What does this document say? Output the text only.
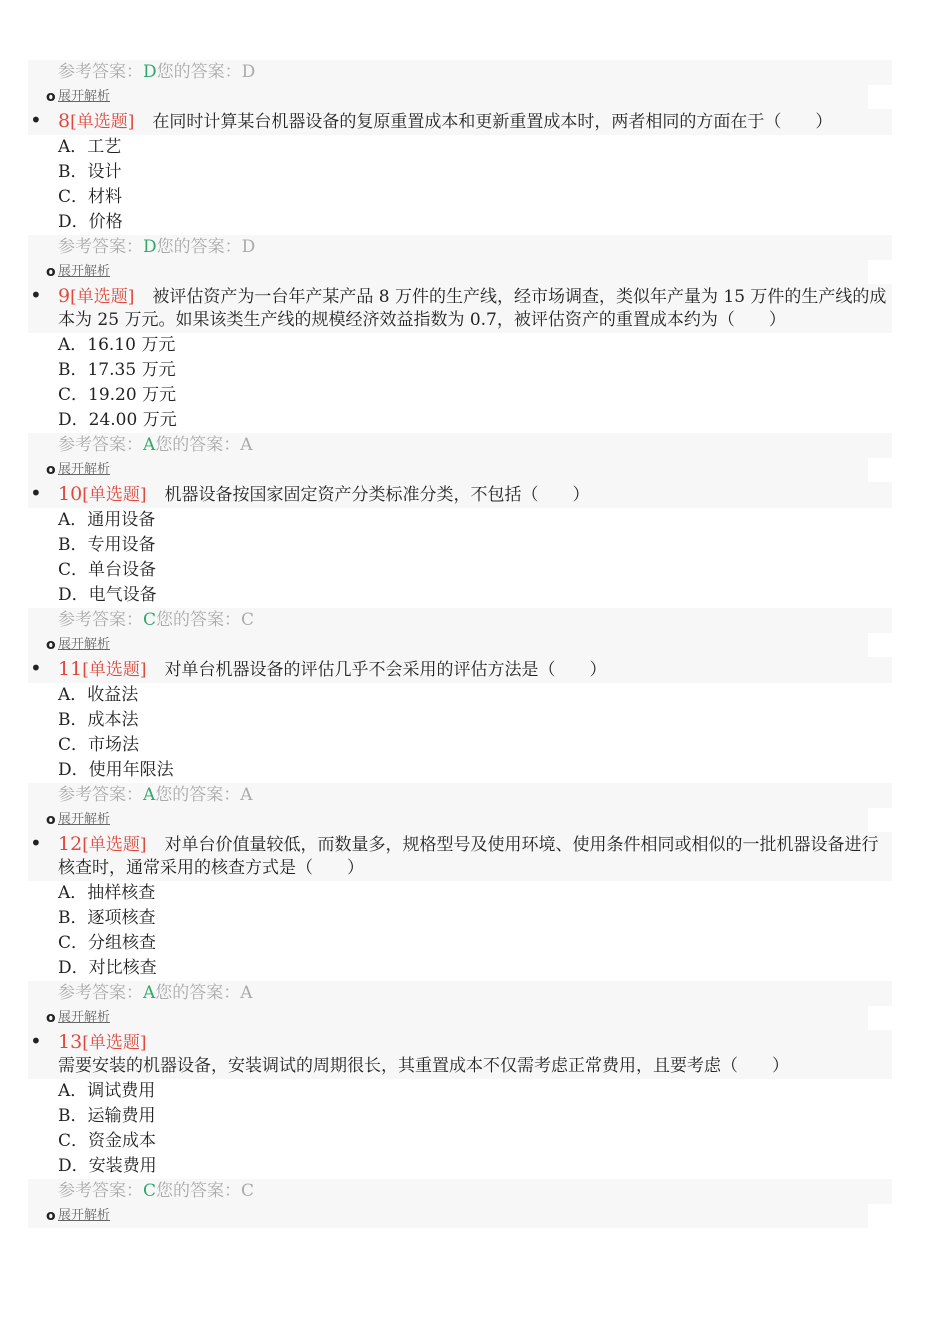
参考答案：D您的答案：D
o 展开解析
• 8[单选题] 在同时计算某台机器设备的复原重置成本和更新重置成本时，两者相同的方面在于（　　）
A．工艺
B．设计
C．材料
D．价格
参考答案：D您的答案：D
o 展开解析
• 9[单选题] 被评估资产为一台年产某产品 8 万件的生产线，经市场调查，类似年产量为 15 万件的生产线的成本为 25 万元。如果该类生产线的规模经济效益指数为 0.7，被评估资产的重置成本约为（　　）
A．16.10 万元
B．17.35 万元
C．19.20 万元
D．24.00 万元
参考答案：A您的答案：A
o 展开解析
• 10[单选题] 机器设备按国家固定资产分类标准分类，不包括（　　）
A．通用设备
B．专用设备
C．单台设备
D．电气设备
参考答案：C您的答案：C
o 展开解析
• 11[单选题] 对单台机器设备的评估几乎不会采用的评估方法是（　　）
A．收益法
B．成本法
C．市场法
D．使用年限法
参考答案：A您的答案：A
o 展开解析
• 12[单选题] 对单台价值量较低，而数量多，规格型号及使用环境、使用条件相同或相似的一批机器设备进行核查时，通常采用的核查方式是（　　）
A．抽样核查
B．逐项核查
C．分组核查
D．对比核查
参考答案：A您的答案：A
o 展开解析
• 13[单选题]需要安装的机器设备，安装调试的周期很长，其重置成本不仅需考虑正常费用，且要考虑（　　）
A．调试费用
B．运输费用
C．资金成本
D．安装费用
参考答案：C您的答案：C
o 展开解析
